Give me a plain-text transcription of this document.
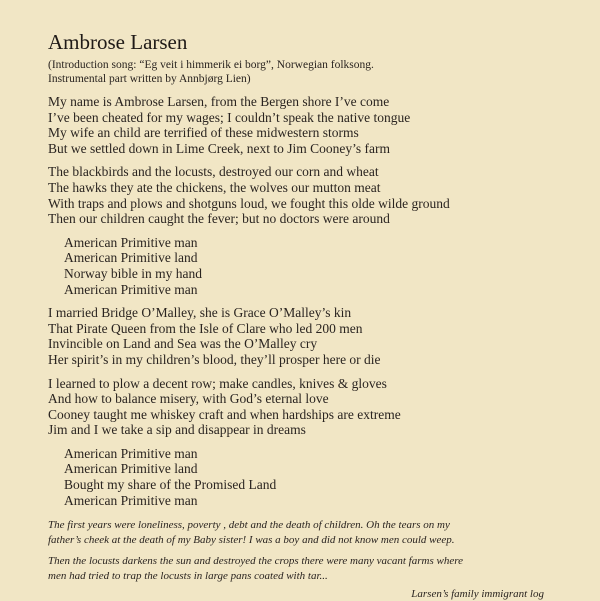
Ambrose Larsen
(Introduction song: “Eg veit i himmerik ei borg”, Norwegian folksong.
Instrumental part written by Annbjørg Lien)
My name is Ambrose Larsen, from the Bergen shore I’ve come
I’ve been cheated for my wages; I couldn’t speak the native tongue
My wife an child are terrified of these midwestern storms
But we settled down in Lime Creek, next to Jim Cooney’s farm
The blackbirds and the locusts, destroyed our corn and wheat
The hawks they ate the chickens, the wolves our mutton meat
With traps and plows and shotguns loud, we fought this olde wilde ground
Then our children caught the fever; but no doctors were around
American Primitive man
American Primitive land
Norway bible in my hand
American Primitive man
I married Bridge O’Malley, she is Grace O’Malley’s kin
That Pirate Queen from the Isle of Clare who led 200 men
Invincible on Land and Sea was the O’Malley cry
Her spirit’s in my children’s blood, they’ll prosper here or die
I learned to plow a decent row; make candles, knives & gloves
And how to balance misery, with God’s eternal love
Cooney taught me whiskey craft and when hardships are extreme
Jim and I we take a sip and disappear in dreams
American Primitive man
American Primitive land
Bought my share of the Promised Land
American Primitive man
The first years were loneliness, poverty , debt and the death of children. Oh the tears on my
father’s cheek at the death of my Baby sister! I was a boy and did not know men could weep.
Then the locusts darkens the sun and destroyed the crops there were many vacant farms where
men had tried to trap the locusts in large pans coated with tar...
Larsen’s family immigrant log
